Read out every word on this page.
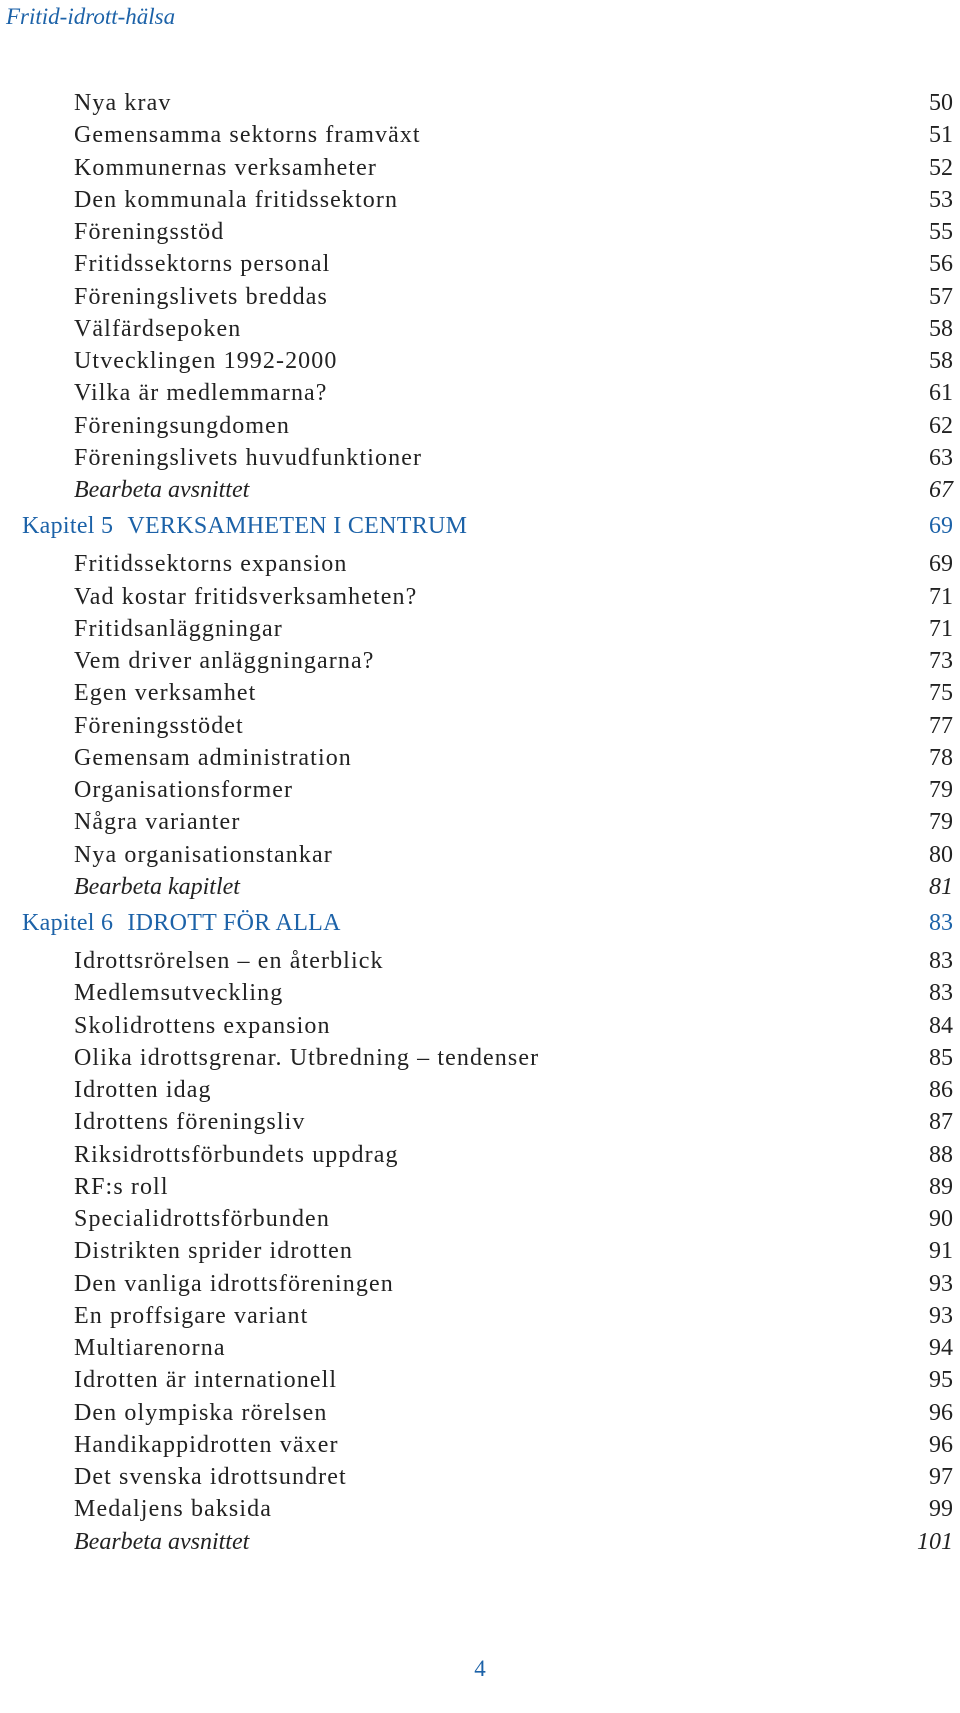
Fritid-idrott-hälsa
Nya krav	50
Gemensamma sektorns framväxt	51
Kommunernas verksamheter	52
Den kommunala fritidssektorn	53
Föreningsstöd	55
Fritidssektorns personal	56
Föreningslivets breddas	57
Välfärdsepoken	58
Utvecklingen 1992-2000	58
Vilka är medlemmarna?	61
Föreningsungdomen	62
Föreningslivets huvudfunktioner	63
Bearbeta avsnittet	67
Kapitel 5 VERKSAMHETEN I CENTRUM	69
Fritidssektorns expansion	69
Vad kostar fritidsverksamheten?	71
Fritidsanläggningar	71
Vem driver anläggningarna?	73
Egen verksamhet	75
Föreningsstödet	77
Gemensam administration	78
Organisationsformer	79
Några varianter	79
Nya organisationstankar	80
Bearbeta kapitlet	81
Kapitel 6 IDROTT FÖR ALLA	83
Idrottsrörelsen – en återblick	83
Medlemsutveckling	83
Skolidrottens expansion	84
Olika idrottsgrenar. Utbredning – tendenser	85
Idrotten idag	86
Idrottens föreningsliv	87
Riksidrottsförbundets uppdrag	88
RF:s roll	89
Specialidrottsförbunden	90
Distrikten sprider idrotten	91
Den vanliga idrottsföreningen	93
En proffsigare variant	93
Multiarenorna	94
Idrotten är internationell	95
Den olympiska rörelsen	96
Handikappidrotten växer	96
Det svenska idrottsundret	97
Medaljens baksida	99
Bearbeta avsnittet	101
4
